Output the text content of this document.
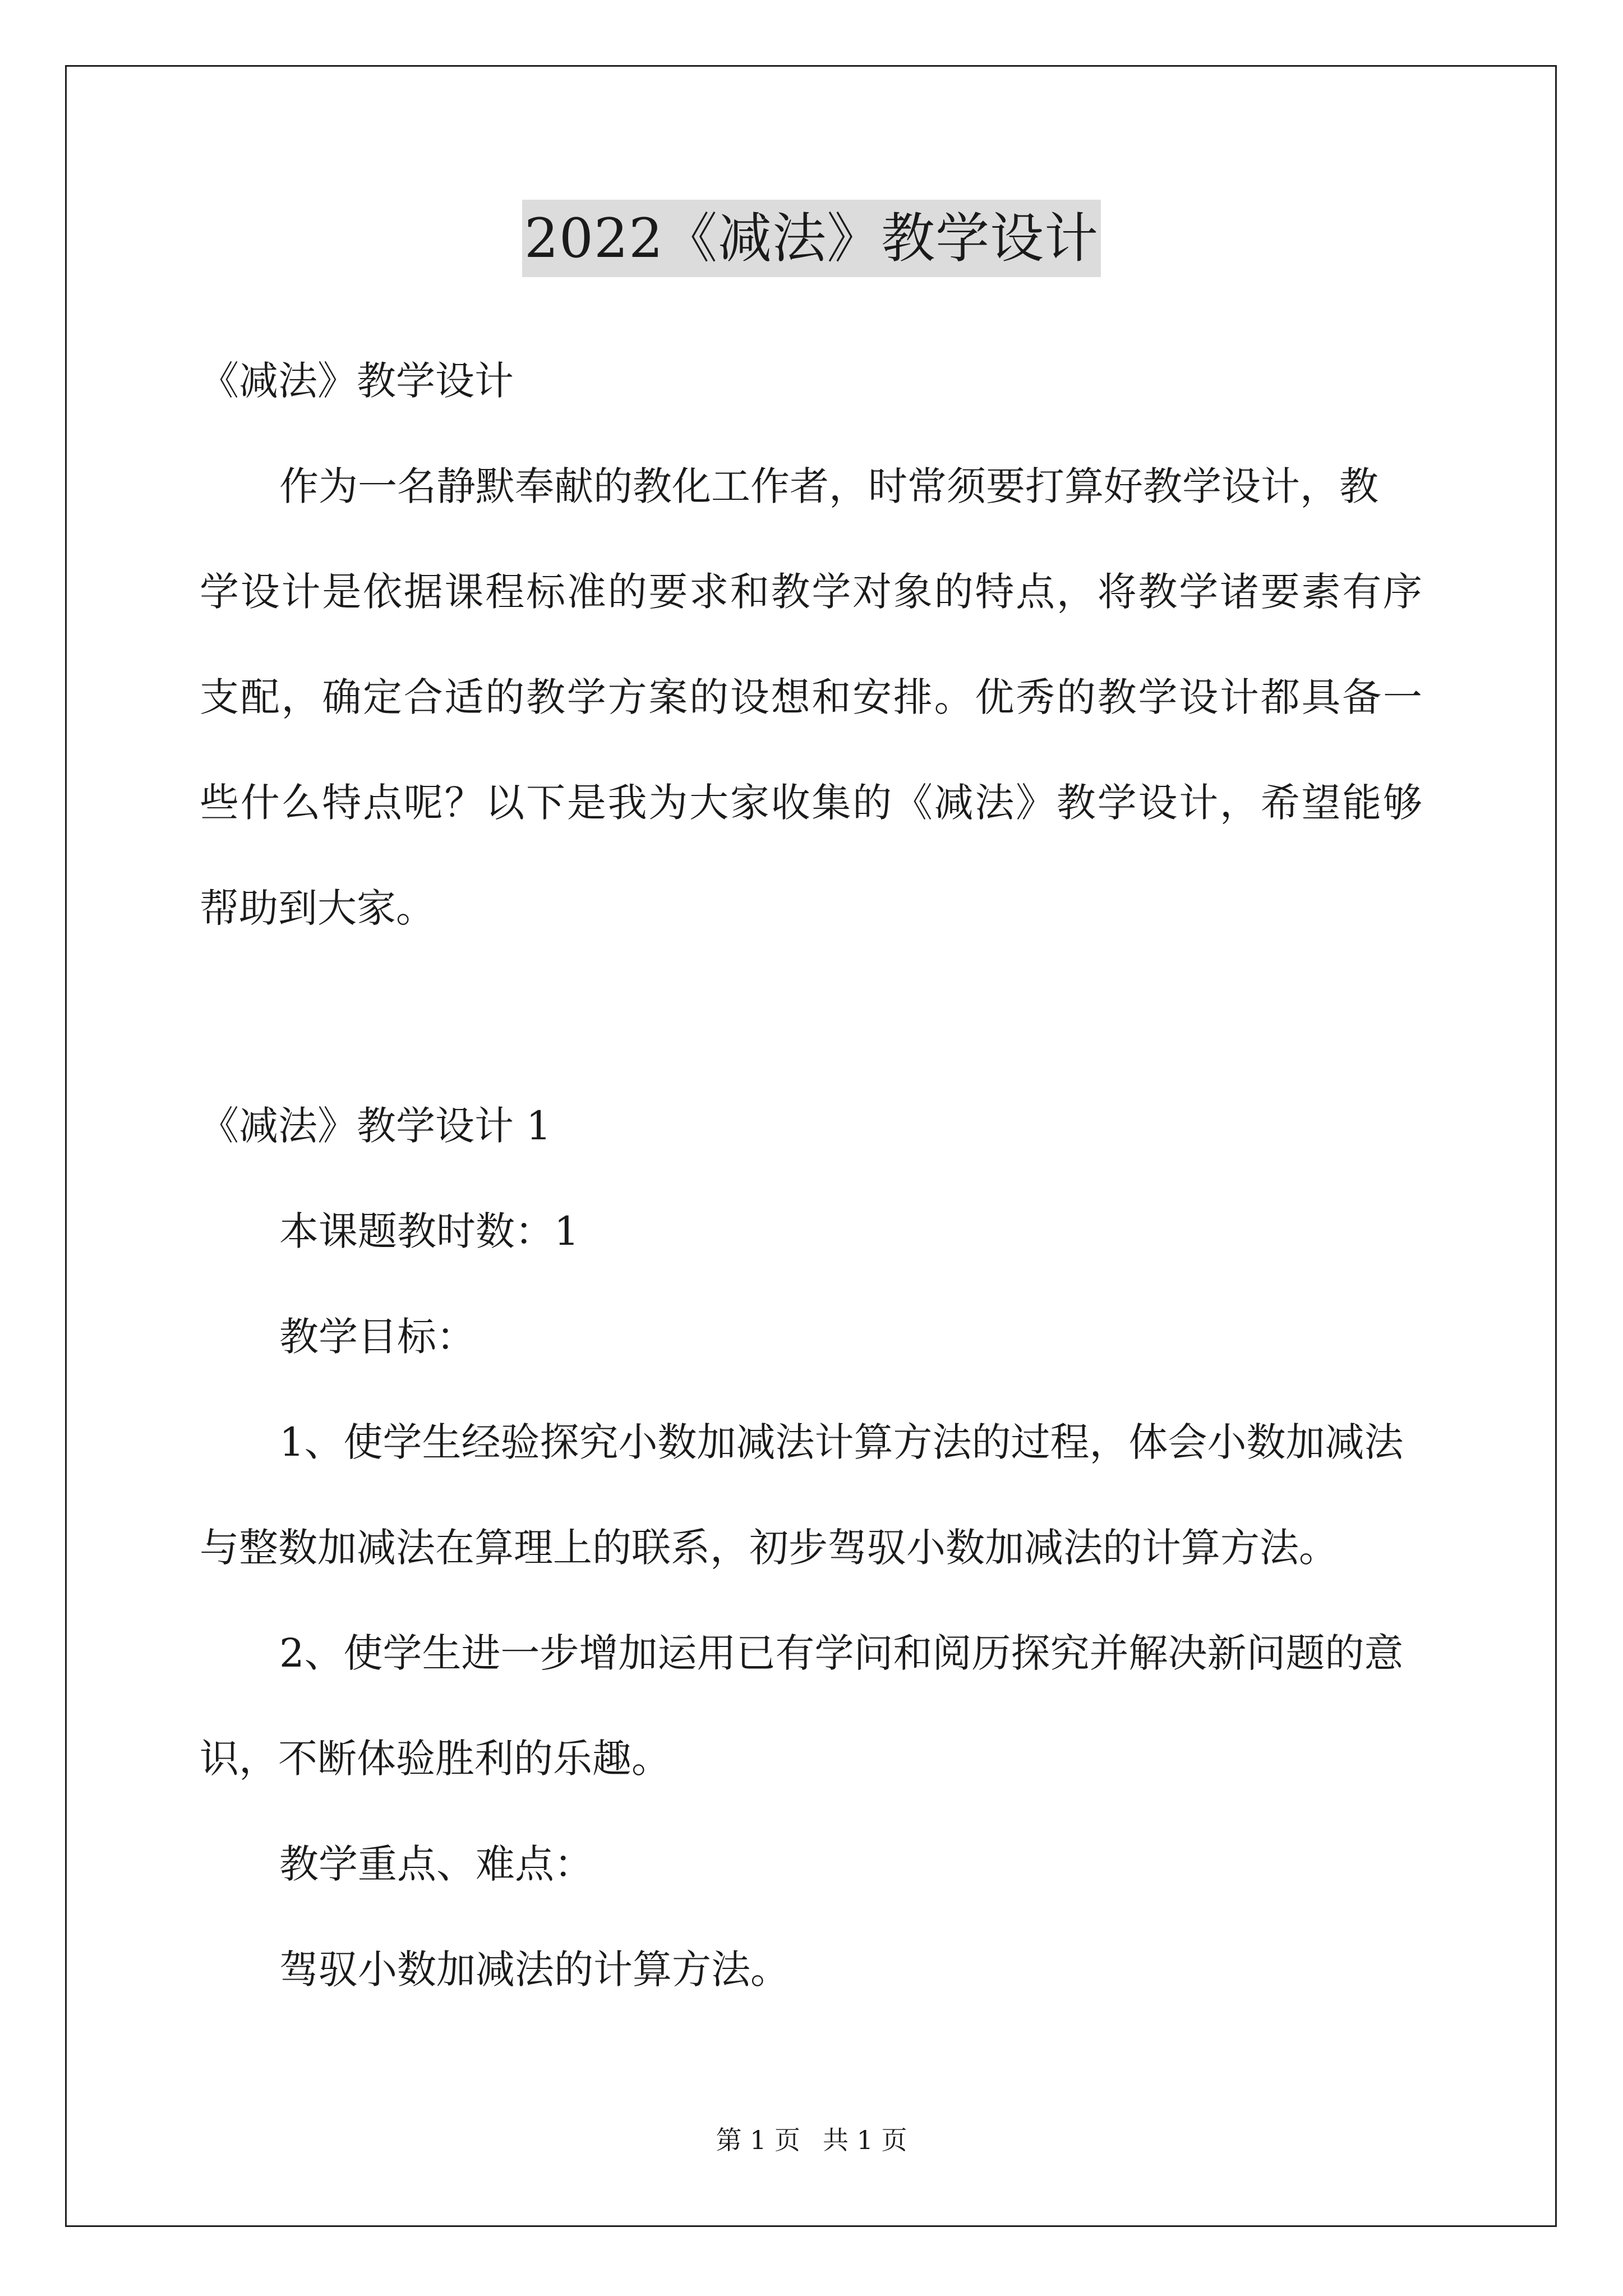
2022《减法》教学设计
《减法》教学设计
作为一名静默奉献的教化工作者，时常须要打算好教学设计，教
学设计是依据课程标准的要求和教学对象的特点，将教学诸要素有序
支配，确定合适的教学方案的设想和安排。优秀的教学设计都具备一
些什么特点呢？以下是我为大家收集的《减法》教学设计，希望能够
帮助到大家。
《减法》教学设计 1
本课题教时数：1
教学目标：
1、使学生经验探究小数加减法计算方法的过程，体会小数加减法
与整数加减法在算理上的联系，初步驾驭小数加减法的计算方法。
2、使学生进一步增加运用已有学问和阅历探究并解决新问题的意
识，不断体验胜利的乐趣。
教学重点、难点：
驾驭小数加减法的计算方法。
第 1 页 共 1 页
